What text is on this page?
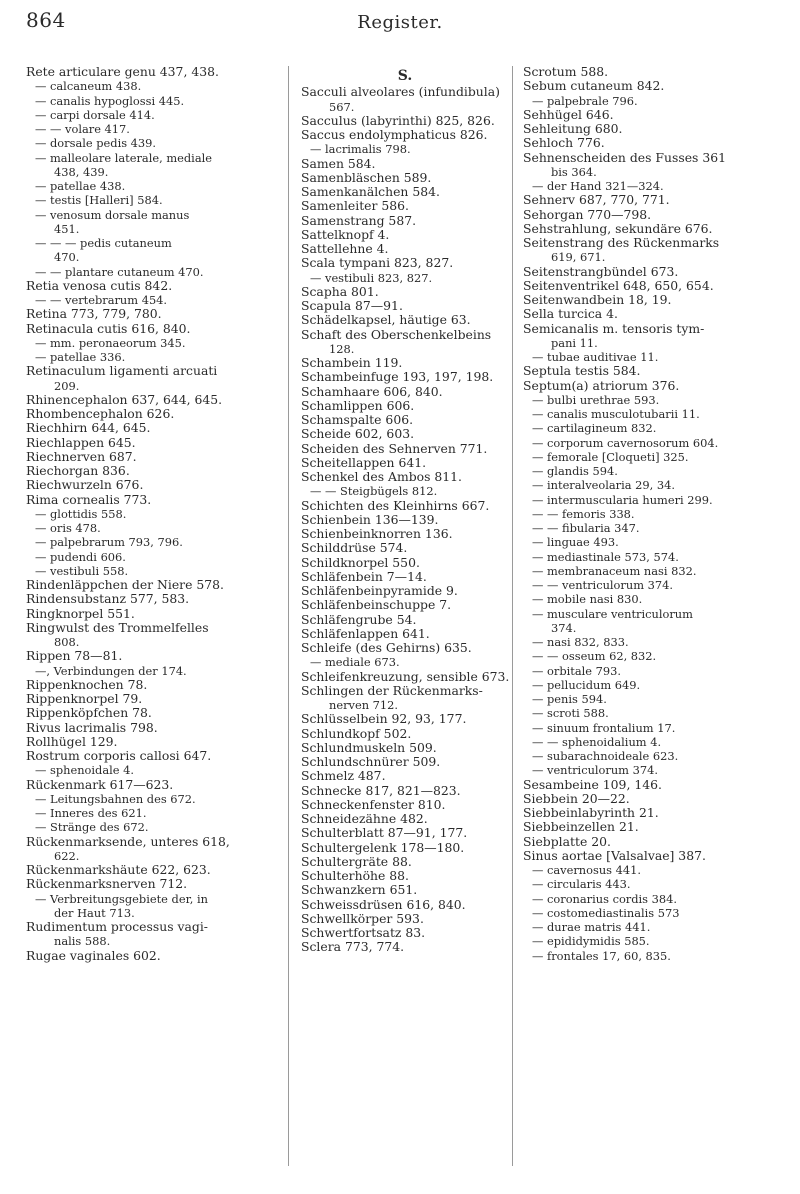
864	Register.
Rete articulare genu 437, 438.
— calcaneum 438.
— canalis hypoglossi 445.
— carpi dorsale 414.
— — volare 417.
— dorsale pedis 439.
— malleolare laterale, mediale
438, 439.
— patellae 438.
— testis [Halleri] 584.
— venosum dorsale manus
451.
— — — pedis cutaneum
470.
— — plantare cutaneum 470.
Retia venosa cutis 842.
— — vertebrarum 454.
Retina 773, 779, 780.
Retinacula cutis 616, 840.
— mm. peronaeorum 345.
— patellae 336.
Retinaculum ligamenti arcuati
209.
Rhinencephalon 637, 644, 645.
Rhombencephalon 626.
Riechhirn 644, 645.
Riechlappen 645.
Riechnerven 687.
Riechorgan 836.
Riechwurzeln 676.
Rima cornealis 773.
— glottidis 558.
— oris 478.
— palpebrarum 793, 796.
— pudendi 606.
— vestibuli 558.
Rindenläppchen der Niere 578.
Rindensubstanz 577, 583.
Ringknorpel 551.
Ringwulst des Trommelfelles
808.
Rippen 78—81.
—, Verbindungen der 174.
Rippenknochen 78.
Rippenknorpel 79.
Rippenköpfchen 78.
Rivus lacrimalis 798.
Rollhügel 129.
Rostrum corporis callosi 647.
— sphenoidale 4.
Rückenmark 617—623.
— Leitungsbahnen des 672.
— Inneres des 621.
— Stränge des 672.
Rückenmarksende, unteres 618,
622.
Rückenmarkshäute 622, 623.
Rückenmarksnerven 712.
— Verbreitungsgebiete der, in
der Haut 713.
Rudimentum processus vagi-
nalis 588.
Rugae vaginales 602.
S.
Sacculi alveolares (infundibula)
567.
Sacculus (labyrinthi) 825, 826.
Saccus endolymphaticus 826.
— lacrimalis 798.
Samen 584.
Samenbläschen 589.
Samenkanälchen 584.
Samenleiter 586.
Samenstrang 587.
Sattelknopf 4.
Sattellehne 4.
Scala tympani 823, 827.
— vestibuli 823, 827.
Scapha 801.
Scapula 87—91.
Schädelkapsel, häutige 63.
Schaft des Oberschenkelbeins
128.
Schambein 119.
Schambeinfuge 193, 197, 198.
Schamhaare 606, 840.
Schamlippen 606.
Schamspalte 606.
Scheide 602, 603.
Scheiden des Sehnerven 771.
Scheitellappen 641.
Schenkel des Ambos 811.
— — Steigbügels 812.
Schichten des Kleinhirns 667.
Schienbein 136—139.
Schienbeinknorren 136.
Schilddrüse 574.
Schildknorpel 550.
Schläfenbein 7—14.
Schläfenbeinpyramide 9.
Schläfenbeinschuppe 7.
Schläfengrube 54.
Schläfenlappen 641.
Schleife (des Gehirns) 635.
— mediale 673.
Schleifenkreuzung, sensible 673.
Schlingen der Rückenmarks-
nerven 712.
Schlüsselbein 92, 93, 177.
Schlundkopf 502.
Schlundmuskeln 509.
Schlundschnürer 509.
Schmelz 487.
Schnecke 817, 821—823.
Schneckenfenster 810.
Schneidezähne 482.
Schulterblatt 87—91, 177.
Schultergelenk 178—180.
Schultergräte 88.
Schulterhöhe 88.
Schwanzkern 651.
Schweissdrüsen 616, 840.
Schwellkörper 593.
Schwertfortsatz 83.
Sclera 773, 774.
Scrotum 588.
Sebum cutaneum 842.
— palpebrale 796.
Sehhügel 646.
Sehleitung 680.
Sehloch 776.
Sehnenscheiden des Fusses 361
bis 364.
— der Hand 321—324.
Sehnerv 687, 770, 771.
Sehorgan 770—798.
Sehstrahlung, sekundäre 676.
Seitenstrang des Rückenmarks
619, 671.
Seitenstrangbündel 673.
Seitenventrikel 648, 650, 654.
Seitenwandbein 18, 19.
Sella turcica 4.
Semicanalis m. tensoris tym-
pani 11.
— tubae auditivae 11.
Septula testis 584.
Septum(a) atriorum 376.
— bulbi urethrae 593.
— canalis musculotubarii 11.
— cartilagineum 832.
— corporum cavernosorum 604.
— femorale [Cloqueti] 325.
— glandis 594.
— interalveolaria 29, 34.
— intermuscularia humeri 299.
— — femoris 338.
— — fibularia 347.
— linguae 493.
— mediastinale 573, 574.
— membranaceum nasi 832.
— — ventriculorum 374.
— mobile nasi 830.
— musculare ventriculorum
374.
— nasi 832, 833.
— — osseum 62, 832.
— orbitale 793.
— pellucidum 649.
— penis 594.
— scroti 588.
— sinuum frontalium 17.
— — sphenoidalium 4.
— subarachnoideale 623.
— ventriculorum 374.
Sesambeine 109, 146.
Siebbein 20—22.
Siebbeinlabyrinth 21.
Siebbeinzellen 21.
Siebplatte 20.
Sinus aortae [Valsalvae] 387.
— cavernosus 441.
— circularis 443.
— coronarius cordis 384.
— costomediastinalis 573
— durae matris 441.
— epididymidis 585.
— frontales 17, 60, 835.
